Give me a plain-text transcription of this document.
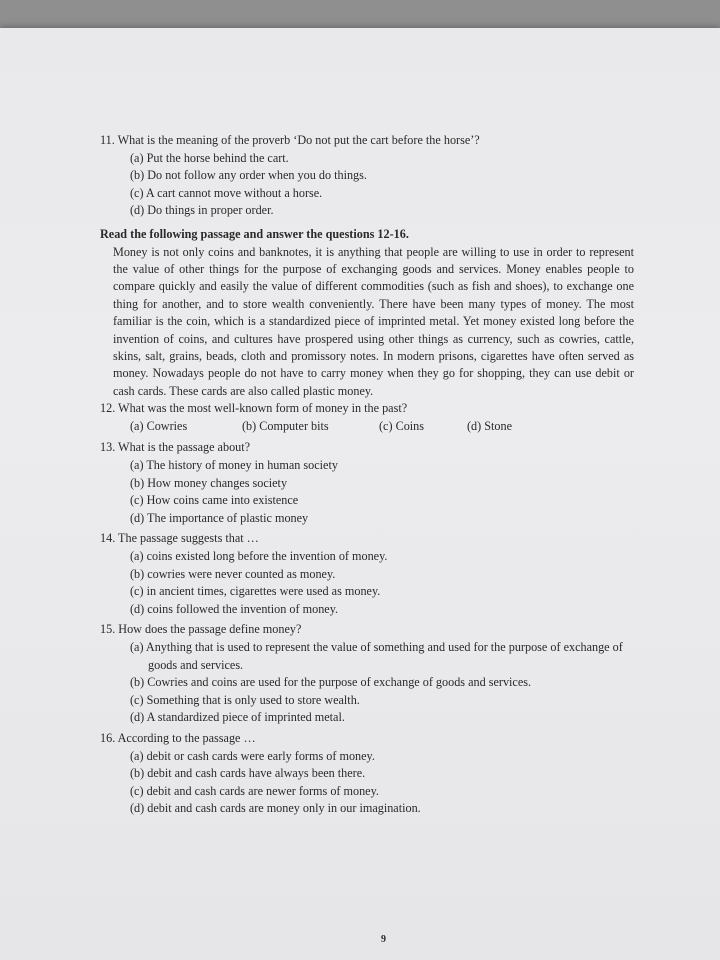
11. What is the meaning of the proverb ‘Do not put the cart before the horse’?

(a) Put the horse behind the cart.

(b) Do not follow any order when you do things.

(c) A cart cannot move without a horse.

(d) Do things in proper order.

Read the following passage and answer the questions 12-16.

Money is not only coins and banknotes, it is anything that people are willing to use in order to represent the value of other things for the purpose of exchanging goods and services. Money enables people to compare quickly and easily the value of different commodities (such as fish and shoes), to exchange one thing for another, and to store wealth conveniently. There have been many types of money. The most familiar is the coin, which is a standardized piece of imprinted metal. Yet money existed long before the invention of coins, and cultures have prospered using other things as currency, such as cowries, cattle, skins, salt, grains, beads, cloth and promissory notes. In modern prisons, cigarettes have often served as money. Nowadays people do not have to carry money when they go for shopping, they can use debit or cash cards. These cards are also called plastic money.

12. What was the most well-known form of money in the past?

(a) Cowries	(b) Computer bits	(c) Coins	(d) Stone

13. What is the passage about?

(a) The history of money in human society

(b) How money changes society

(c) How coins came into existence

(d) The importance of plastic money

14. The passage suggests that …

(a) coins existed long before the invention of money.

(b) cowries were never counted as money.

(c) in ancient times, cigarettes were used as money.

(d) coins followed the invention of money.

15. How does the passage define money?

(a) Anything that is used to represent the value of something and used for the purpose of exchange of goods and services.

(b) Cowries and coins are used for the purpose of exchange of goods and services.

(c) Something that is only used to store wealth.

(d) A standardized piece of imprinted metal.

16. According to the passage …

(a) debit or cash cards were early forms of money.

(b) debit and cash cards have always been there.

(c) debit and cash cards are newer forms of money.

(d) debit and cash cards are money only in our imagination.

9
